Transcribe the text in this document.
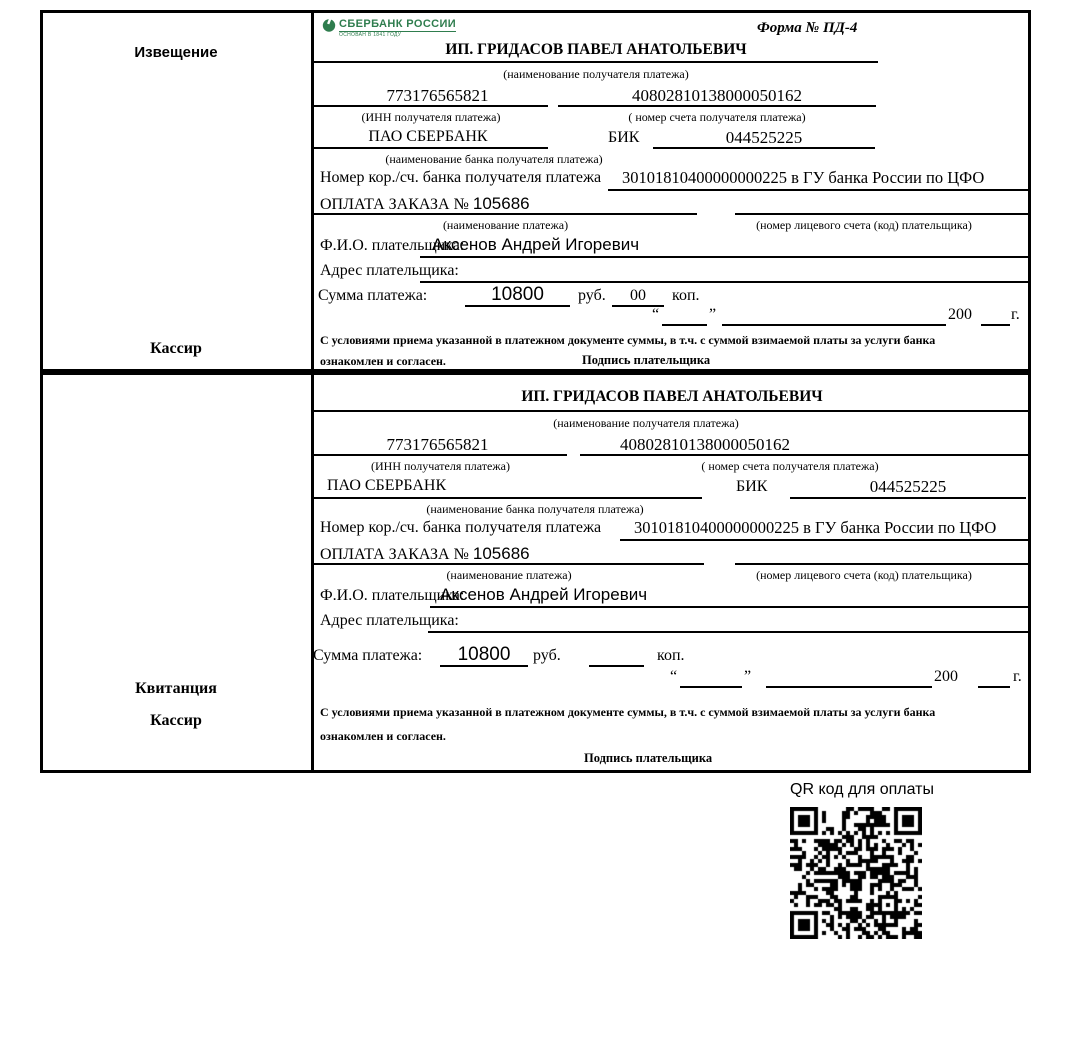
Извещение
Кассир
СБЕРБАНК РОССИИ
ОСНОВАН В 1841 ГОДУ	Форма № ПД-4
ИП. ГРИДАСОВ ПАВЕЛ АНАТОЛЬЕВИЧ
(наименование получателя платежа)
773176565821	40802810138000050162
(ИНН получателя платежа)	( номер счета получателя платежа)
ПАО СБЕРБАНК	БИК	044525225
(наименование банка получателя платежа)
Номер кор./сч. банка получателя платежа 30101810400000000225 в ГУ банка России по ЦФО
ОПЛАТА ЗАКАЗА № 105686
(наименование платежа)	(номер лицевого счета (код) плательщика)
Ф.И.О. плательщика:
Аксенов Андрей Игоревич
Адрес плательщика:
Сумма платежа:	10800	руб.	00	коп.
“	”	200 г.
С условиями приема указанной в платежном документе суммы, в т.ч. с суммой взимаемой платы за услуги банка
ознакомлен и согласен.	Подпись плательщика
Квитанция
Кассир
ИП. ГРИДАСОВ ПАВЕЛ АНАТОЛЬЕВИЧ
(наименование получателя платежа)
773176565821	40802810138000050162
(ИНН получателя платежа)	( номер счета получателя платежа)
ПАО СБЕРБАНК	БИК	044525225
(наименование банка получателя платежа)
Номер кор./сч. банка получателя платежа 30101810400000000225 в ГУ банка России по ЦФО
ОПЛАТА ЗАКАЗА № 105686
(наименование платежа)	(номер лицевого счета (код) плательщика)
Ф.И.О. плательщика:
Аксенов Андрей Игоревич
Адрес плательщика:
Сумма платежа:	10800	руб.	коп.
“	”	200	г.
С условиями приема указанной в платежном документе суммы, в т.ч. с суммой взимаемой платы за услуги банка
ознакомлен и согласен.
Подпись плательщика
QR код для оплаты
